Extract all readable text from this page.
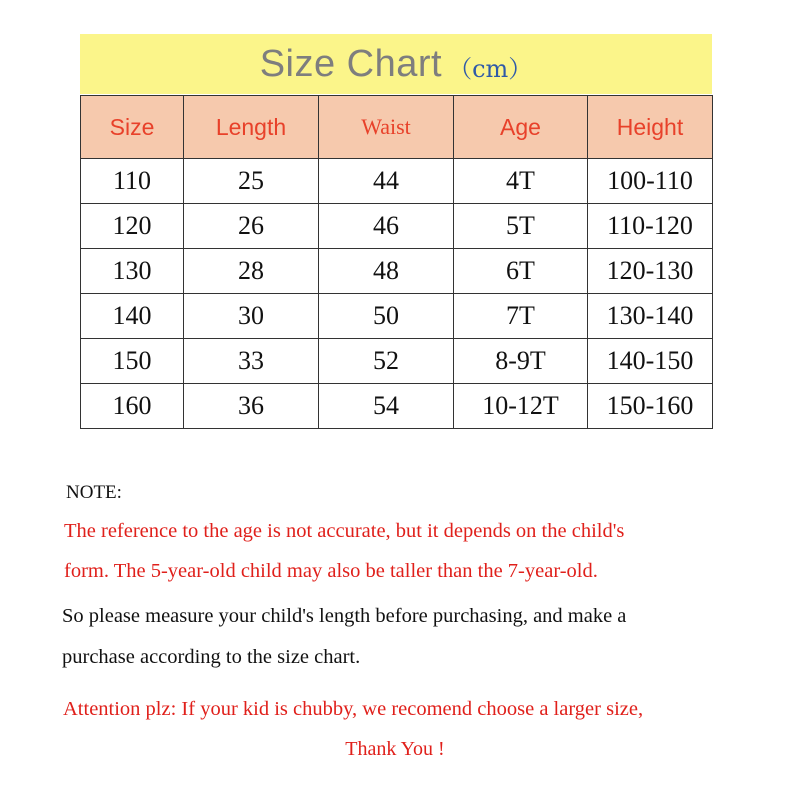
Size Chart （cm）
Size	Length	Waist	Age	Height
110	25	44	4T	100-110
120	26	46	5T	110-120
130	28	48	6T	120-130
140	30	50	7T	130-140
150	33	52	8-9T	140-150
160	36	54	10-12T	150-160
NOTE:
The reference to the age is not accurate, but it depends on the child's
form. The 5-year-old child may also be taller than the 7-year-old.
So please measure your child's length before purchasing, and make a
purchase according to the size chart.
Attention plz: If your kid is chubby, we recomend choose a larger size,
Thank You !
